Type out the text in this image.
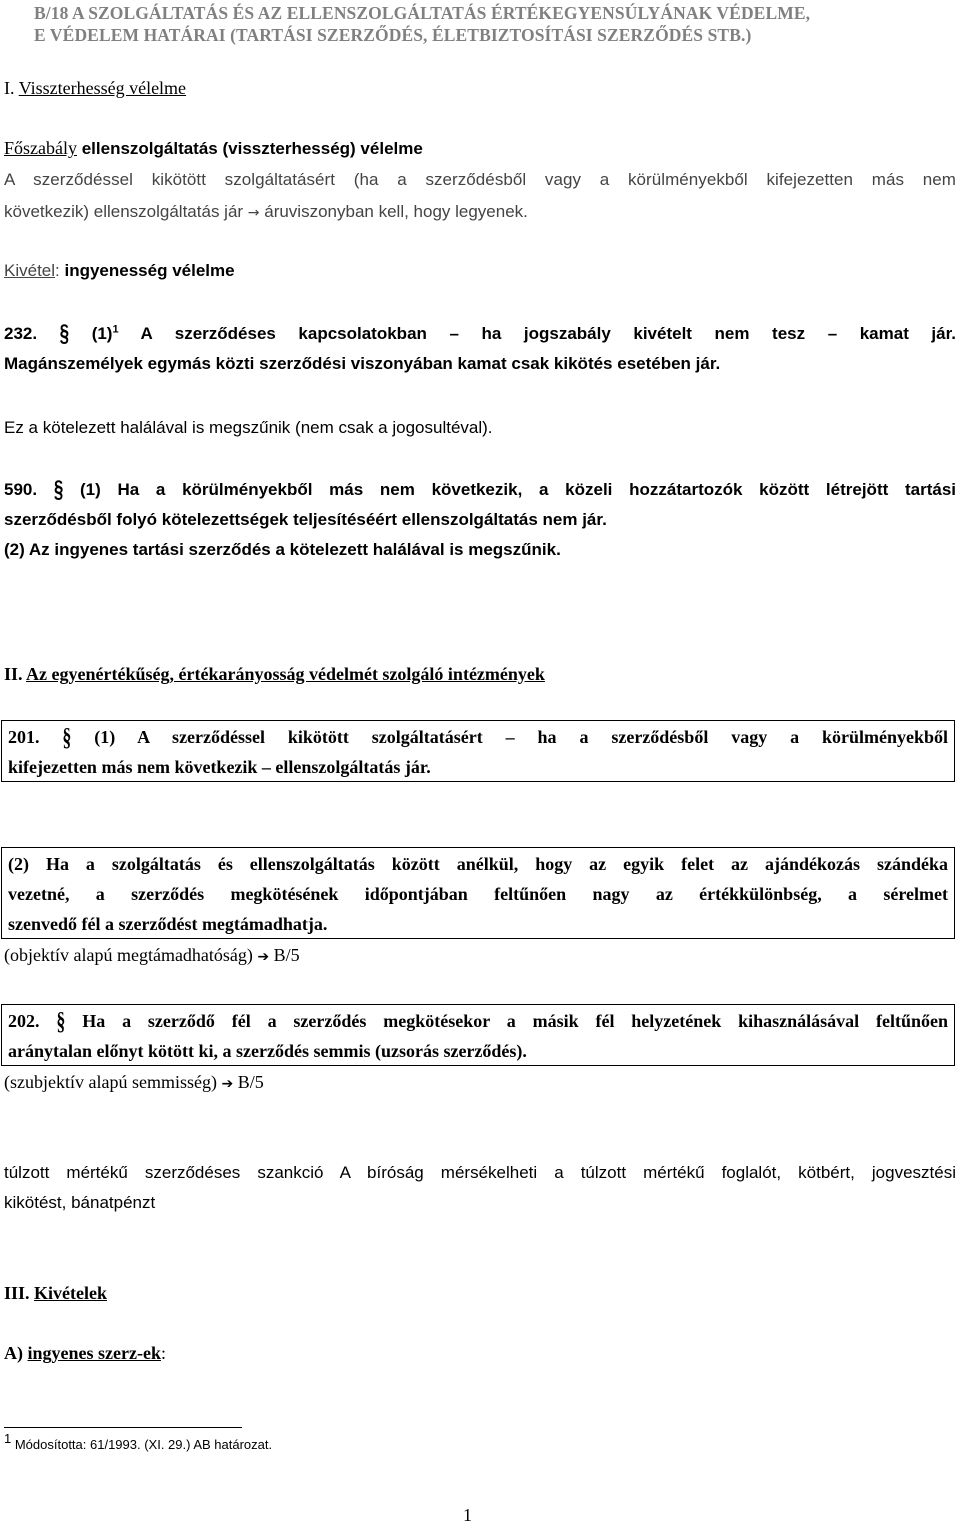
B/18 A SZOLGÁLTATÁS ÉS AZ ELLENSZOLGÁLTATÁS ÉRTÉKEGYENSÚLYÁNAK VÉDELME,
E VÉDELEM HATÁRAI (TARTÁSI SZERZŐDÉS, ÉLETBIZTOSÍTÁSI SZERZŐDÉS STB.)
I. Visszterhesség vélelme
Főszabály ellenszolgáltatás (visszterhesség) vélelme
A szerződéssel kikötött szolgáltatásért (ha a szerződésből vagy a körülményekből kifejezetten más nem
következik) ellenszolgáltatás jár → áruviszonyban kell, hogy legyenek.
Kivétel: ingyenesség vélelme
232. § $(1)^1$ A szerződéses kapcsolatokban – ha jogszabály kivételt nem tesz – kamat jár.
Magánszemélyek egymás közti szerződési viszonyában kamat csak kikötés esetében jár.
Ez a kötelezett halálával is megszűnik (nem csak a jogosultéval).
590. § (1) Ha a körülményekből más nem következik, a közeli hozzátartozók között létrejött tartási
szerződésből folyó kötelezettségek teljesítéséért ellenszolgáltatás nem jár.
(2) Az ingyenes tartási szerződés a kötelezett halálával is megszűnik.
II. Az egyenértékűség, értékarányosság védelmét szolgáló intézmények
201. § (1) A szerződéssel kikötött szolgáltatásért – ha a szerződésből vagy a körülményekből
kifejezetten más nem következik – ellenszolgáltatás jár.
(2) Ha a szolgáltatás és ellenszolgáltatás között anélkül, hogy az egyik felet az ajándékozás szándéka
vezetné, a szerződés megkötésének időpontjában feltűnően nagy az értékkülönbség, a sérelmet
szenvedő fél a szerződést megtámadhatja.
(objektív alapú megtámadhatóság) ➔ B/5
202. § Ha a szerződő fél a szerződés megkötésekor a másik fél helyzetének kihasználásával feltűnően
aránytalan előnyt kötött ki, a szerződés semmis (uzsorás szerződés).
(szubjektív alapú semmisség) ➔ B/5
túlzott mértékű szerződéses szankció A bíróság mérsékelheti a túlzott mértékű foglalót, kötbért, jogvesztési
kikötést, bánatpénzt
III. Kivételek
A) ingyenes szerz-ek:
$^1$ Módosította: 61/1993. (XI. 29.) AB határozat.
1
